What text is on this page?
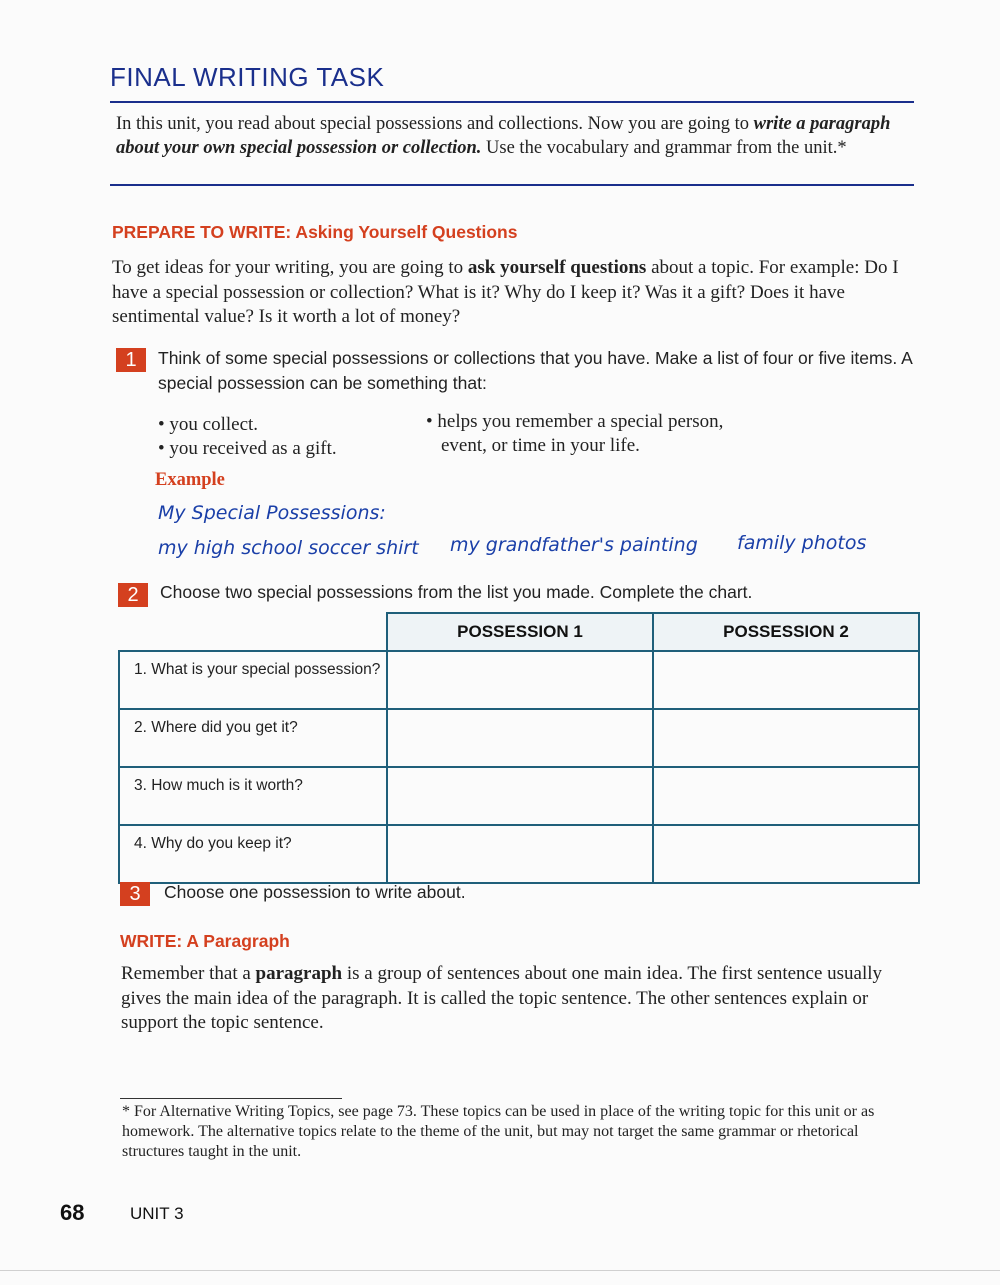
FINAL WRITING TASK
In this unit, you read about special possessions and collections. Now you are going to write a paragraph about your own special possession or collection. Use the vocabulary and grammar from the unit.*
PREPARE TO WRITE: Asking Yourself Questions
To get ideas for your writing, you are going to ask yourself questions about a topic. For example: Do I have a special possession or collection? What is it? Why do I keep it? Was it a gift? Does it have sentimental value? Is it worth a lot of money?
1	Think of some special possessions or collections that you have. Make a list of four or five items. A special possession can be something that:
• you collect.
• you received as a gift.
• helps you remember a special person,
event, or time in your life.
Example
My Special Possessions:
my high school soccer shirt my grandfather's painting family photos
2	Choose two special possessions from the list you made. Complete the chart.
	POSSESSION 1	POSSESSION 2
1. What is your special possession?		
2. Where did you get it?		
3. How much is it worth?		
4. Why do you keep it?		
3	Choose one possession to write about.
WRITE: A Paragraph
Remember that a paragraph is a group of sentences about one main idea. The first sentence usually gives the main idea of the paragraph. It is called the topic sentence. The other sentences explain or support the topic sentence.
* For Alternative Writing Topics, see page 73. These topics can be used in place of the writing topic for this unit or as homework. The alternative topics relate to the theme of the unit, but may not target the same grammar or rhetorical structures taught in the unit.
68	UNIT 3
